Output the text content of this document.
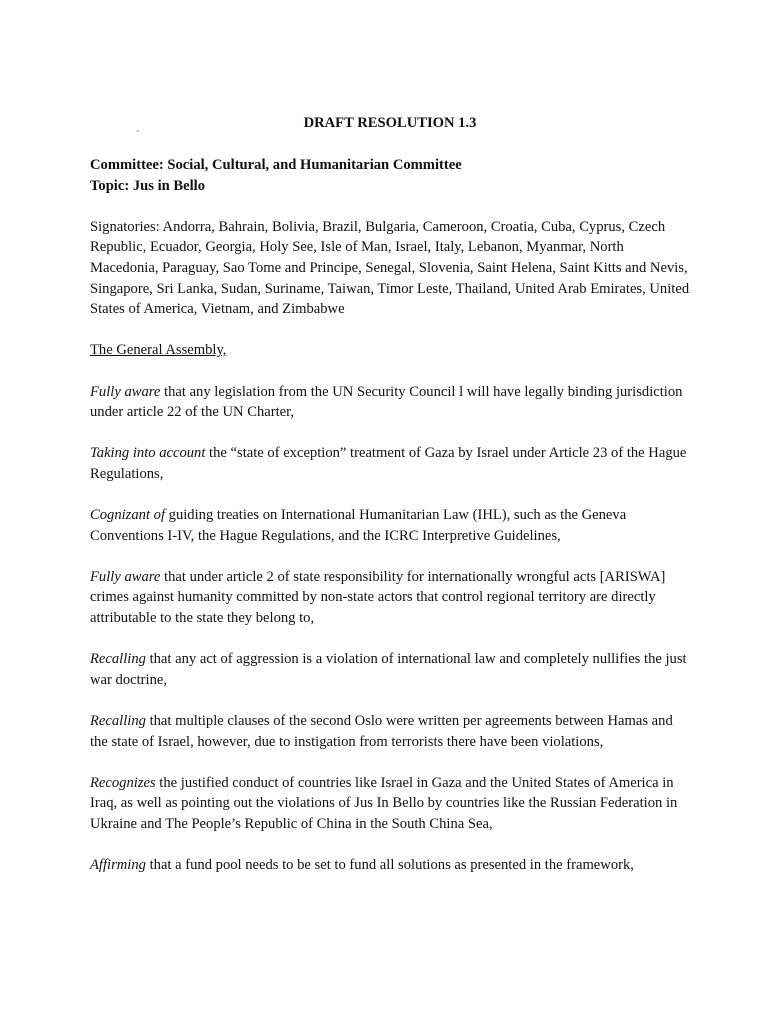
DRAFT RESOLUTION 1.3
`
Committee: Social, Cultural, and Humanitarian Committee
Topic: Jus in Bello

Signatories: Andorra, Bahrain, Bolivia, Brazil, Bulgaria, Cameroon, Croatia, Cuba, Cyprus, Czech Republic, Ecuador, Georgia, Holy See, Isle of Man, Israel, Italy, Lebanon, Myanmar, North Macedonia, Paraguay, Sao Tome and Principe, Senegal, Slovenia, Saint Helena, Saint Kitts and Nevis, Singapore, Sri Lanka, Sudan, Suriname, Taiwan, Timor Leste, Thailand, United Arab Emirates, United States of America, Vietnam, and Zimbabwe

The General Assembly,

Fully aware that any legislation from the UN Security Council l will have legally binding jurisdiction under article 22 of the UN Charter,

Taking into account the “state of exception” treatment of Gaza by Israel under Article 23 of the Hague Regulations,

Cognizant of guiding treaties on International Humanitarian Law (IHL), such as the Geneva Conventions I-IV, the Hague Regulations, and the ICRC Interpretive Guidelines,

Fully aware that under article 2 of state responsibility for internationally wrongful acts [ARISWA] crimes against humanity committed by non-state actors that control regional territory are directly attributable to the state they belong to,

Recalling that any act of aggression is a violation of international law and completely nullifies the just war doctrine,

Recalling that multiple clauses of the second Oslo were written per agreements between Hamas and the state of Israel, however, due to instigation from terrorists there have been violations,

Recognizes the justified conduct of countries like Israel in Gaza and the United States of America in Iraq, as well as pointing out the violations of Jus In Bello by countries like the Russian Federation in Ukraine and The People’s Republic of China in the South China Sea,

Affirming that a fund pool needs to be set to fund all solutions as presented in the framework,
